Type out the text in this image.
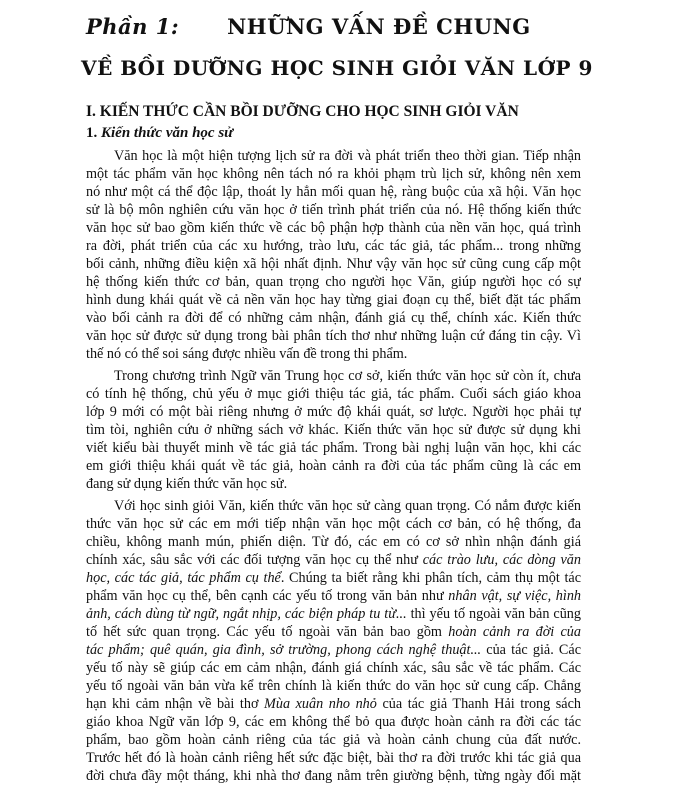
Phần 1: NHỮNG VẤN ĐỀ CHUNG
VỀ BỒI DƯỠNG HỌC SINH GIỎI VĂN LỚP 9
I. KIẾN THỨC CẦN BỒI DƯỠNG CHO HỌC SINH GIỎI VĂN
1. Kiến thức văn học sử
Văn học là một hiện tượng lịch sử ra đời và phát triển theo thời gian. Tiếp nhận
một tác phẩm văn học không nên tách nó ra khỏi phạm trù lịch sử, không nên xem
nó như một cá thể độc lập, thoát ly hẳn mối quan hệ, ràng buộc của xã hội. Văn học
sử là bộ môn nghiên cứu văn học ở tiến trình phát triển của nó. Hệ thống kiến thức
văn học sử bao gồm kiến thức về các bộ phận hợp thành của nền văn học, quá trình
ra đời, phát triển của các xu hướng, trào lưu, các tác giả, tác phẩm... trong những
bối cảnh, những điều kiện xã hội nhất định. Như vậy văn học sử cũng cung cấp một
hệ thống kiến thức cơ bản, quan trọng cho người học Văn, giúp người học có sự
hình dung khái quát về cả nền văn học hay từng giai đoạn cụ thể, biết đặt tác phẩm
vào bối cảnh ra đời để có những cảm nhận, đánh giá cụ thể, chính xác. Kiến thức
văn học sử được sử dụng trong bài phân tích thơ như những luận cứ đáng tin cậy. Vì
thế nó có thể soi sáng được nhiều vấn đề trong thi phẩm.
Trong chương trình Ngữ văn Trung học cơ sở, kiến thức văn học sử còn ít, chưa
có tính hệ thống, chủ yếu ở mục giới thiệu tác giả, tác phẩm. Cuối sách giáo khoa
lớp 9 mới có một bài riêng nhưng ở mức độ khái quát, sơ lược. Người học phải tự
tìm tòi, nghiên cứu ở những sách vở khác. Kiến thức văn học sử được sử dụng khi
viết kiểu bài thuyết minh về tác giả tác phẩm. Trong bài nghị luận văn học, khi các
em giới thiệu khái quát về tác giả, hoàn cảnh ra đời của tác phẩm cũng là các em
đang sử dụng kiến thức văn học sử.
Với học sinh giỏi Văn, kiến thức văn học sử càng quan trọng. Có nắm được kiến
thức văn học sử các em mới tiếp nhận văn học một cách cơ bản, có hệ thống, đa
chiều, không manh mún, phiến diện. Từ đó, các em có cơ sở nhìn nhận đánh giá
chính xác, sâu sắc với các đối tượng văn học cụ thể như các trào lưu, các dòng văn
học, các tác giả, tác phẩm cụ thể. Chúng ta biết rằng khi phân tích, cảm thụ một tác
phẩm văn học cụ thể, bên cạnh các yếu tố trong văn bản như nhân vật, sự việc, hình
ảnh, cách dùng từ ngữ, ngắt nhịp, các biện pháp tu từ... thì yếu tố ngoài văn bản cũng
tố hết sức quan trọng. Các yếu tố ngoài văn bản bao gồm hoàn cảnh ra đời của
tác phẩm; quê quán, gia đình, sở trường, phong cách nghệ thuật... của tác giả. Các
yếu tố này sẽ giúp các em cảm nhận, đánh giá chính xác, sâu sắc về tác phẩm. Các
yếu tố ngoài văn bản vừa kể trên chính là kiến thức do văn học sử cung cấp. Chẳng
hạn khi cảm nhận về bài thơ Mùa xuân nho nhỏ của tác giả Thanh Hải trong sách
giáo khoa Ngữ văn lớp 9, các em không thể bỏ qua được hoàn cảnh ra đời các tác
phẩm, bao gồm hoàn cảnh riêng của tác giả và hoàn cảnh chung của đất nước.
Trước hết đó là hoàn cảnh riêng hết sức đặc biệt, bài thơ ra đời trước khi tác giả qua
đời chưa đầy một tháng, khi nhà thơ đang nằm trên giường bệnh, từng ngày đối mặt
